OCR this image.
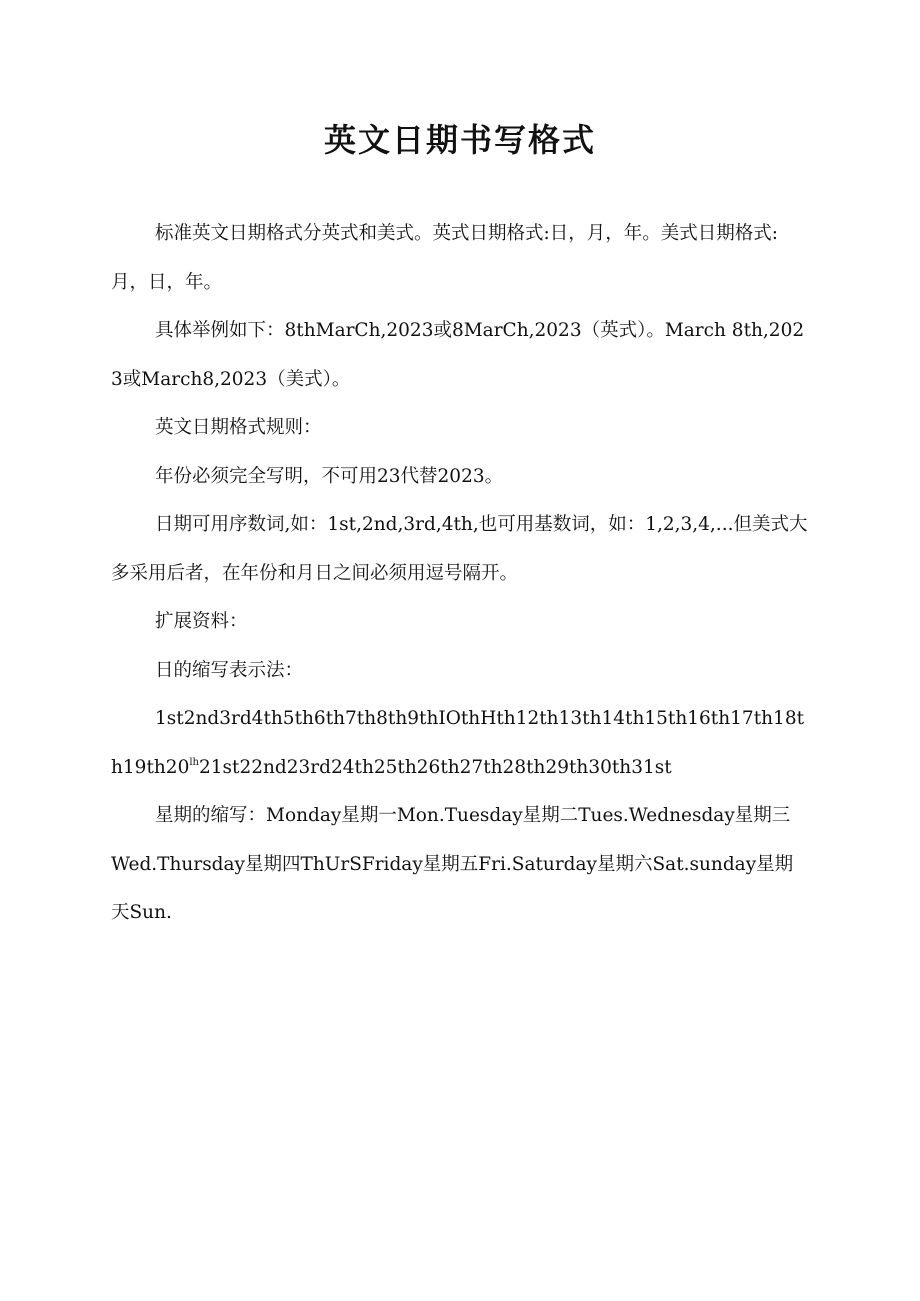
英文日期书写格式

标准英文日期格式分英式和美式。英式日期格式:日，月，年。美式日期格式:月，日，年。

具体举例如下：8thMarCh,2023或8MarCh,2023（英式）。March 8th,2023或March8,2023（美式）。

英文日期格式规则：

年份必须完全写明，不可用23代替2023。

日期可用序数词,如：1st,2nd,3rd,4th,也可用基数词，如：1,2,3,4,...但美式大多采用后者，在年份和月日之间必须用逗号隔开。

扩展资料：

日的缩写表示法：

$1st2nd3rd4th5th6th7th8th9thIOthHth12th13th14th15th16th17th18th19th20^{lh}21st22nd23rd24th25th26th27th28th29th30th31st$

星期的缩写：Monday星期一Mon.Tuesday星期二Tues.Wednesday星期三Wed.Thursday星期四ThUrSFriday星期五Fri.Saturday星期六Sat.sunday星期天Sun.
